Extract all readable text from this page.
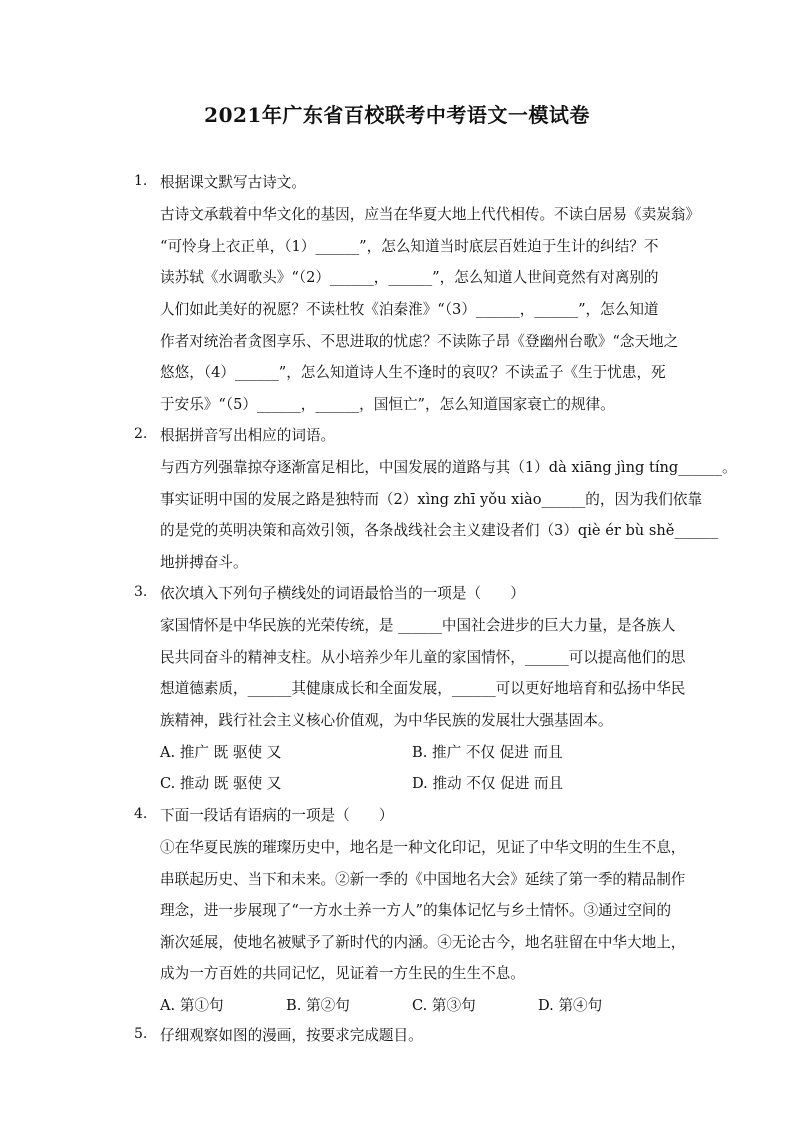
2021年广东省百校联考中考语文一模试卷
1. 根据课文默写古诗文。
古诗文承载着中华文化的基因，应当在华夏大地上代代相传。不读白居易《卖炭翁》
“可怜身上衣正单，（1）______”，怎么知道当时底层百姓迫于生计的纠结？不
读苏轼《水调歌头》“（2）______，______”，怎么知道人世间竟然有对离别的
人们如此美好的祝愿？不读杜牧《泊秦淮》“（3）______，______”，怎么知道
作者对统治者贪图享乐、不思进取的忧虑？不读陈子昂《登幽州台歌》“念天地之
悠悠，（4）______”，怎么知道诗人生不逢时的哀叹？不读孟子《生于忧患，死
于安乐》“（5）______，______，国恒亡”，怎么知道国家衰亡的规律。
2. 根据拼音写出相应的词语。
与西方列强靠掠夺逐渐富足相比，中国发展的道路与其（1）dà xiāng jìng tíng______。
事实证明中国的发展之路是独特而（2）xìng zhī yǒu xiào______的，因为我们依靠
的是党的英明决策和高效引领，各条战线社会主义建设者们（3）qiè ér bù shě______
地拼搏奋斗。
3. 依次填入下列句子横线处的词语最恰当的一项是（　　）
家国情怀是中华民族的光荣传统，是 ______中国社会进步的巨大力量，是各族人
民共同奋斗的精神支柱。从小培养少年儿童的家国情怀，______可以提高他们的思
想道德素质，______其健康成长和全面发展，______可以更好地培育和弘扬中华民
族精神，践行社会主义核心价值观，为中华民族的发展壮大强基固本。
A. 推广 既 驱使 又	B. 推广 不仅 促进 而且
C. 推动 既 驱使 又	D. 推动 不仅 促进 而且
4. 下面一段话有语病的一项是（　　）
①在华夏民族的璀璨历史中，地名是一种文化印记，见证了中华文明的生生不息，
串联起历史、当下和未来。②新一季的《中国地名大会》延续了第一季的精品制作
理念，进一步展现了“一方水土养一方人”的集体记忆与乡土情怀。③通过空间的
渐次延展，使地名被赋予了新时代的内涵。④无论古今，地名驻留在中华大地上，
成为一方百姓的共同记忆，见证着一方生民的生生不息。
A. 第①句	B. 第②句	C. 第③句	D. 第④句
5. 仔细观察如图的漫画，按要求完成题目。
